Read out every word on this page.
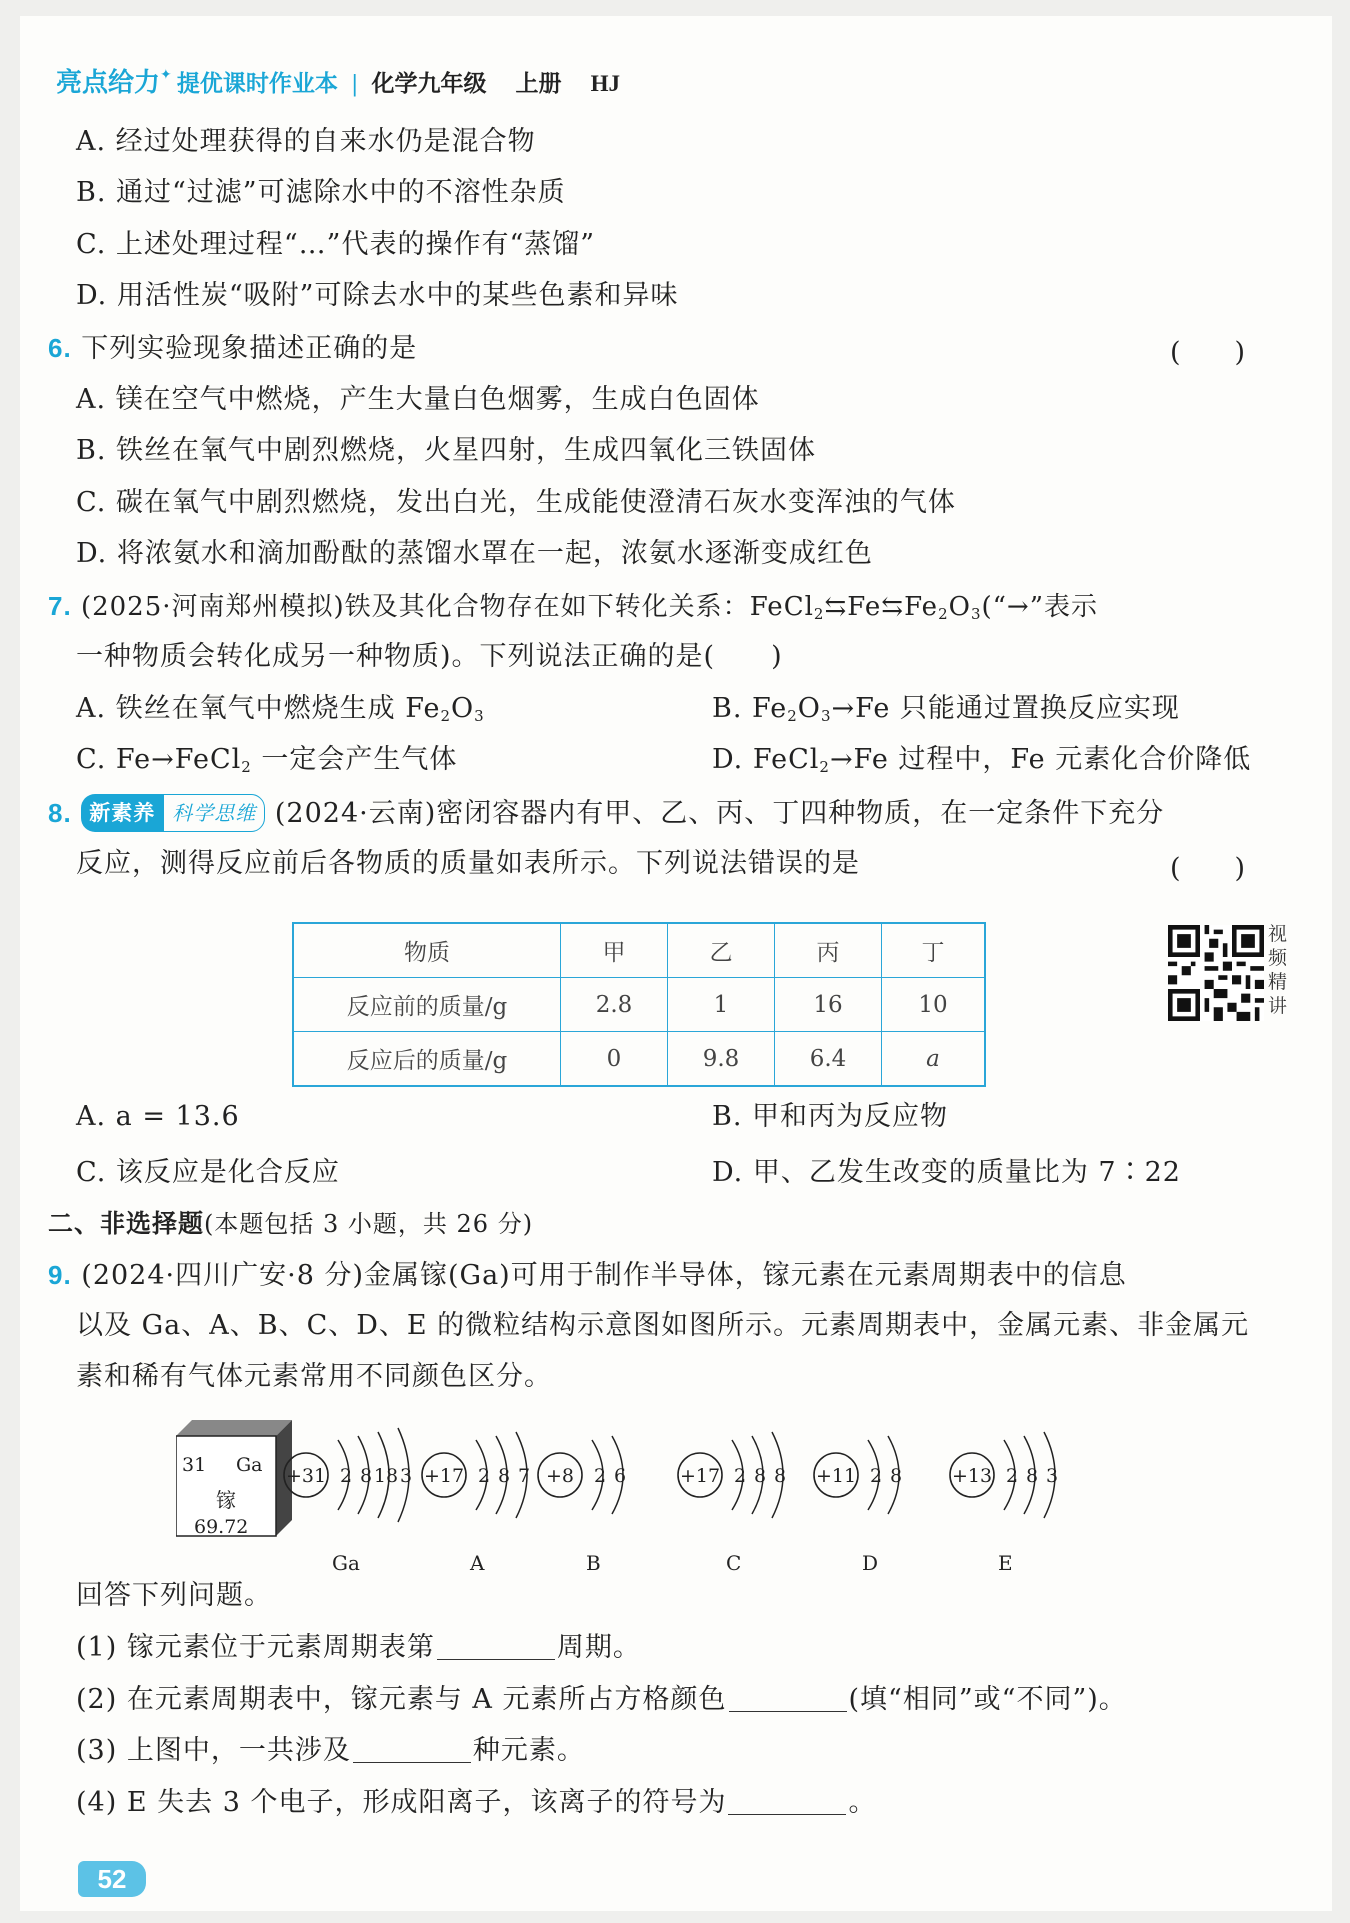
亮点给力✦ 提优课时作业本 | 化学九年级 上册 HJ
A. 经过处理获得的自来水仍是混合物
B. 通过“过滤”可滤除水中的不溶性杂质
C. 上述处理过程“…”代表的操作有“蒸馏”
D. 用活性炭“吸附”可除去水中的某些色素和异味
6. 下列实验现象描述正确的是	(　　)
A. 镁在空气中燃烧，产生大量白色烟雾，生成白色固体
B. 铁丝在氧气中剧烈燃烧，火星四射，生成四氧化三铁固体
C. 碳在氧气中剧烈燃烧，发出白光，生成能使澄清石灰水变浑浊的气体
D. 将浓氨水和滴加酚酞的蒸馏水罩在一起，浓氨水逐渐变成红色
7. (2025·河南郑州模拟)铁及其化合物存在如下转化关系：$FeCl_2⇆Fe⇆Fe_2O_3(“\to$”表示
一种物质会转化成另一种物质)。下列说法正确的是(　　)
A. 铁丝在氧气中燃烧生成 $Fe_2O_3$	B. $Fe_2O_3\to Fe$ 只能通过置换反应实现
C. Fe→FeCl$_2$ 一定会产生气体	D. FeCl$_2$→Fe 过程中，Fe 元素化合价降低
8. 新素养 科学思维 (2024·云南)密闭容器内有甲、乙、丙、丁四种物质，在一定条件下充分
反应，测得反应前后各物质的质量如表所示。下列说法错误的是	(　　)
物质	甲	乙	丙	丁
反应前的质量/g	2.8	1	16	10
反应后的质量/g	0	9.8	6.4	a
视
频
精
讲
A. a = 13.6	B. 甲和丙为反应物
C. 该反应是化合反应	D. 甲、乙发生改变的质量比为 7∶22
二、非选择题(本题包括 3 小题，共 26 分)
9. (2024·四川广安·8 分)金属镓(Ga)可用于制作半导体，镓元素在元素周期表中的信息
以及 Ga、A、B、C、D、E 的微粒结构示意图如图所示。元素周期表中，金属元素、非金属元
素和稀有气体元素常用不同颜色区分。
31 Ga
镓
69.72
+31 2 8 18 3
Ga
+17 2 8 7
A
+8 2 6
B
+17 2 8 8
C
+11 2 8
D
+13 2 8 3
E
回答下列问题。
(1) 镓元素位于元素周期表第	周期。
(2) 在元素周期表中，镓元素与 A 元素所占方格颜色	(填“相同”或“不同”)。
(3) 上图中，一共涉及	种元素。
(4) E 失去 3 个电子，形成阳离子，该离子的符号为	。
52
